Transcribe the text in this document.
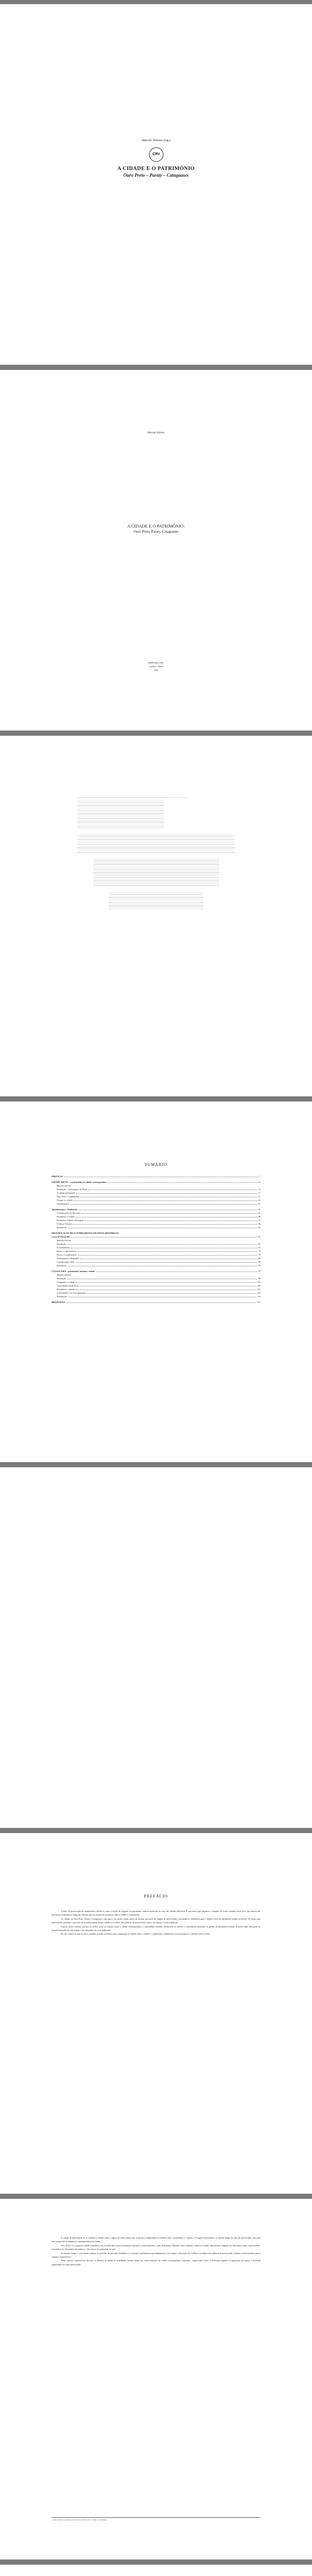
Marcelo Silveira (org.)
CRV
A CIDADE E O PATRIMÔNIO
Ouro Preto – Paraty – Cataguases
Marcelo Silveira
A CIDADE E O PATRIMÔNIO:
Ouro Preto, Paraty, Cataguases
EDITORA CRV
Curitiba – Brasil
2016
SUMÁRIO
PREFÁCIO	7
CIDADE PRETO – o patrimônio na cidade contemporânea	11
Marcelo Silveira
Introdução – A Formação da Nação	13
A cidade patrimonial	17
Ouro Preto e o patrimônio	21
O lugar e a cidade	25
Apontamentos	31
Apontamentos e Tendências	35
Considerações do Presente	41
Patrimônio e Cidade	46
Patrimônio Urbano e Paisagem	52
Políticas Urbanas	58
Referências	63
IDENTIFICAÇÃO PELO TOMBAMENTO EM SÍTIOS HISTÓRICOS –
o caso de Paraty/RJ	67
Marcelo Silveira
Introdução	69
O tombamento	72
Paraty: o sítio histórico	75
Paraty e o tombamento	79
Tombamento e identidade	84
Considerações finais	90
Referências	93
CATAGUASES – patrimônio, turismo e cidade	97
Marcelo Silveira
Introdução	99
Cataguases: a cidade	102
O patrimônio modernista	106
Patrimônio e turismo	112
O patrimônio e os seus habitantes	118
Referências	124
BIOGRAFIAS	127
PREFÁCIO

A ideia de preservação de monumentos históricos como a noção de conjunto ou patrimônio cultural aparecem no caso das cidades históricas. É essa busca que perpassa o conjunto de textos reunidos neste livro, que nasceu das discussões realizadas ao longo dos últimos anos no âmbito de pesquisas sobre a cidade e o patrimônio.

As cidades de Ouro Preto, Paraty e Cataguases, cada uma a seu modo, foram objeto de atenção por parte dos órgãos de preservação, e tornaram-se referências para o debate acerca do patrimônio urbano no Brasil. Os textos aqui apresentados analisam o processo de reconhecimento destas cidades e os efeitos das políticas de preservação sobre o seu espaço e a sua população.

A partir destes estudos, procura-se refletir sobre as relações entre a cidade contemporânea e o patrimônio herdado, destacando as tensões e contradições presentes na gestão do patrimônio urbano. A preservação não pode ser pensada apartada da vida urbana e das demandas dos seus habitantes.

Por fim, espera-se que os textos reunidos possam contribuir para a ampliação do debate sobre a cidade e o patrimônio, estimulando novas pesquisas e reflexões sobre o tema.

É a partir da importância de se valorizar a cidade como o espaço da vida coletiva que se procura compreender as relações entre o patrimônio e o urbano. Os lugares de memória, ao mesmo tempo em que são preservados, precisam estar integrados às dinâmicas contemporâneas da cidade.

Ouro Preto foi a primeira cidade brasileira a ser reconhecida como monumento nacional e, posteriormente, como Patrimônio Mundial. Essa condição conferiu à cidade uma posição singular nas discussões sobre a preservação, tornando-a um laboratório das práticas e das teorias do patrimônio no país.

Ao mesmo tempo, o crescimento urbano, as pressões do mercado imobiliário e o turismo transformaram profundamente o seu espaço, colocando em evidência os limites das políticas de preservação voltadas exclusivamente para o conjunto arquitetônico.

Nesse sentido, interessa-nos discutir os desafios da gestão do patrimônio urbano diante das transformações da cidade contemporânea, buscando compreender como os diferentes agentes se apropriam do espaço e atribuem significados aos bens preservados.

1 Texto baseado na pesquisa de doutorado do autor sobre a cidade e o patrimônio.
